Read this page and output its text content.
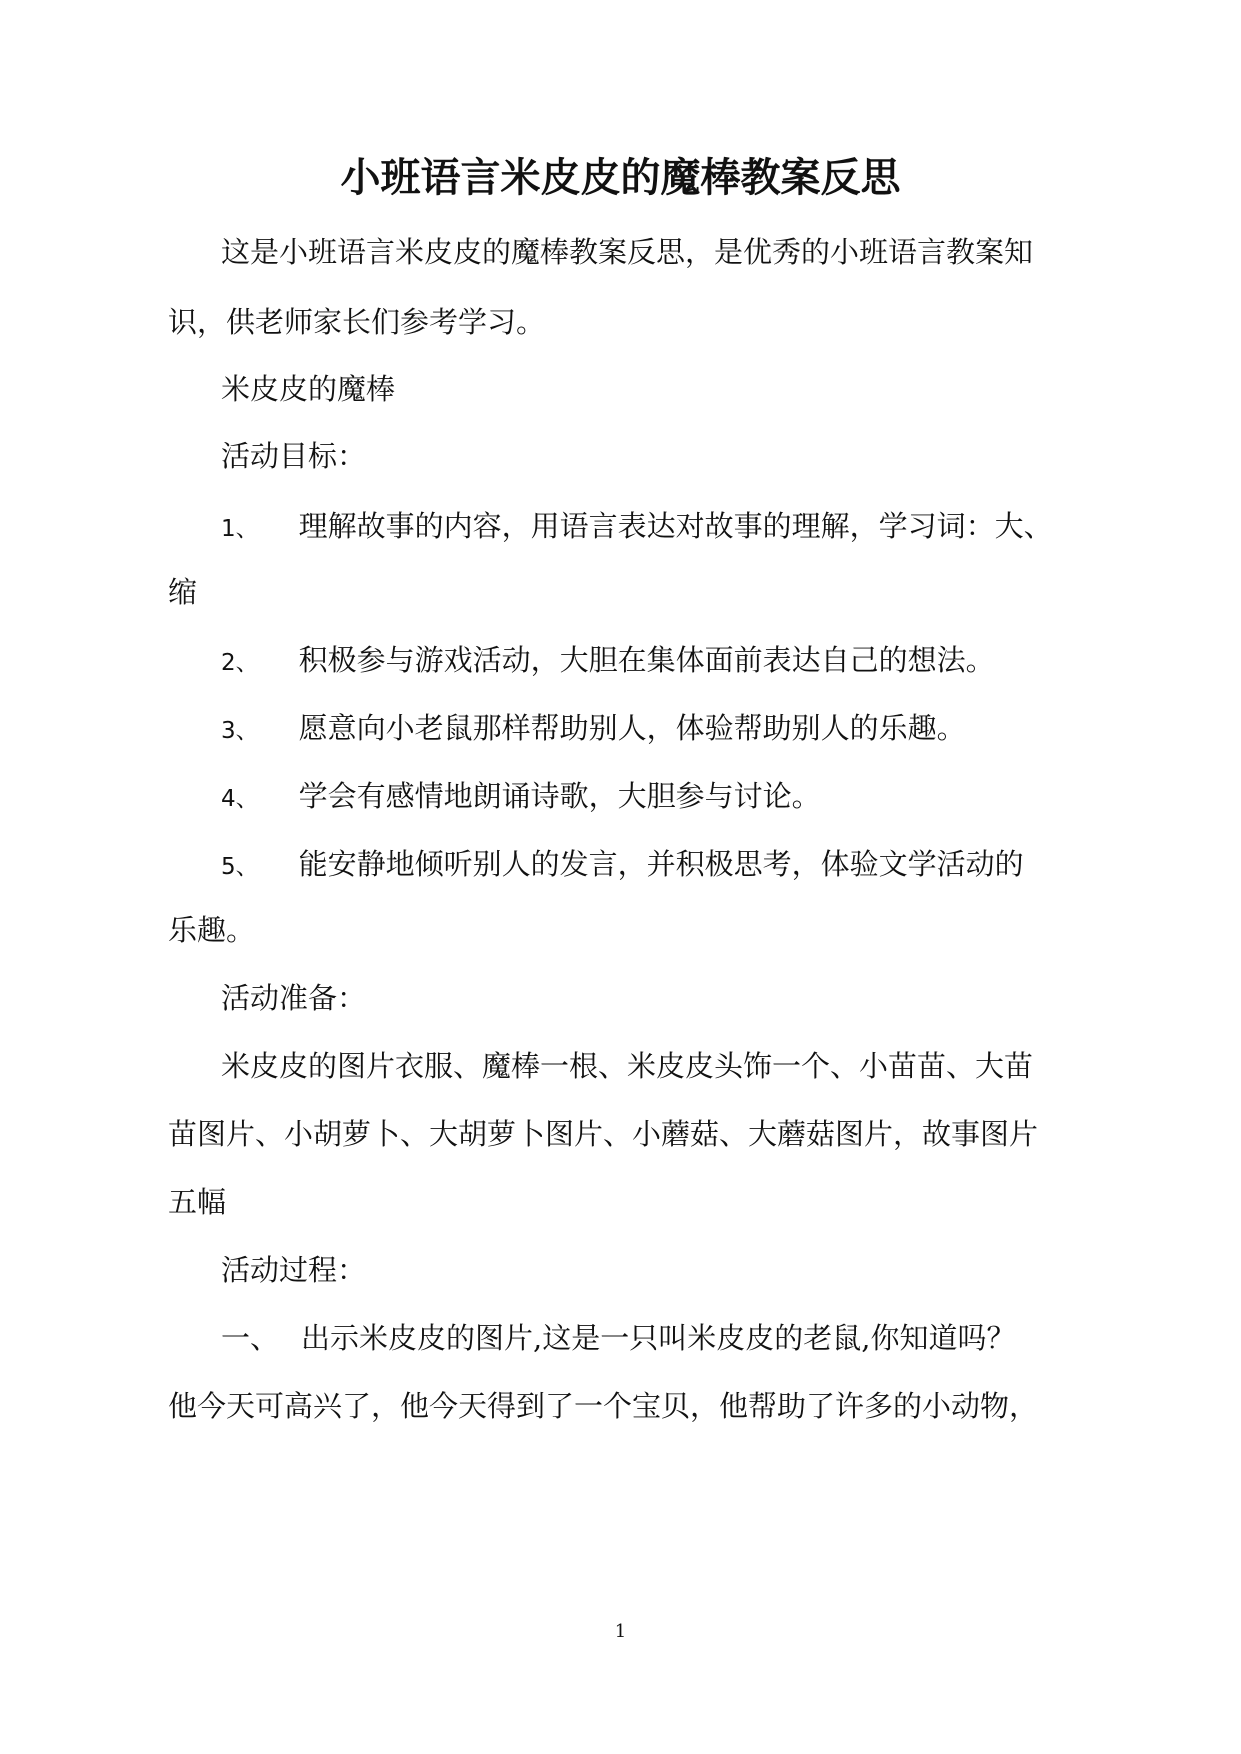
小班语言米皮皮的魔棒教案反思
这是小班语言米皮皮的魔棒教案反思，是优秀的小班语言教案知
识，供老师家长们参考学习。
米皮皮的魔棒
活动目标：
1、 理解故事的内容，用语言表达对故事的理解，学习词：大、
缩
2、 积极参与游戏活动，大胆在集体面前表达自己的想法。
3、 愿意向小老鼠那样帮助别人，体验帮助别人的乐趣。
4、 学会有感情地朗诵诗歌，大胆参与讨论。
5、 能安静地倾听别人的发言，并积极思考，体验文学活动的
乐趣。
活动准备：
米皮皮的图片衣服、魔棒一根、米皮皮头饰一个、小苗苗、大苗
苗图片、小胡萝卜、大胡萝卜图片、小蘑菇、大蘑菇图片，故事图片
五幅
活动过程：
一、 出示米皮皮的图片,这是一只叫米皮皮的老鼠,你知道吗？
他今天可高兴了，他今天得到了一个宝贝，他帮助了许多的小动物，
1
